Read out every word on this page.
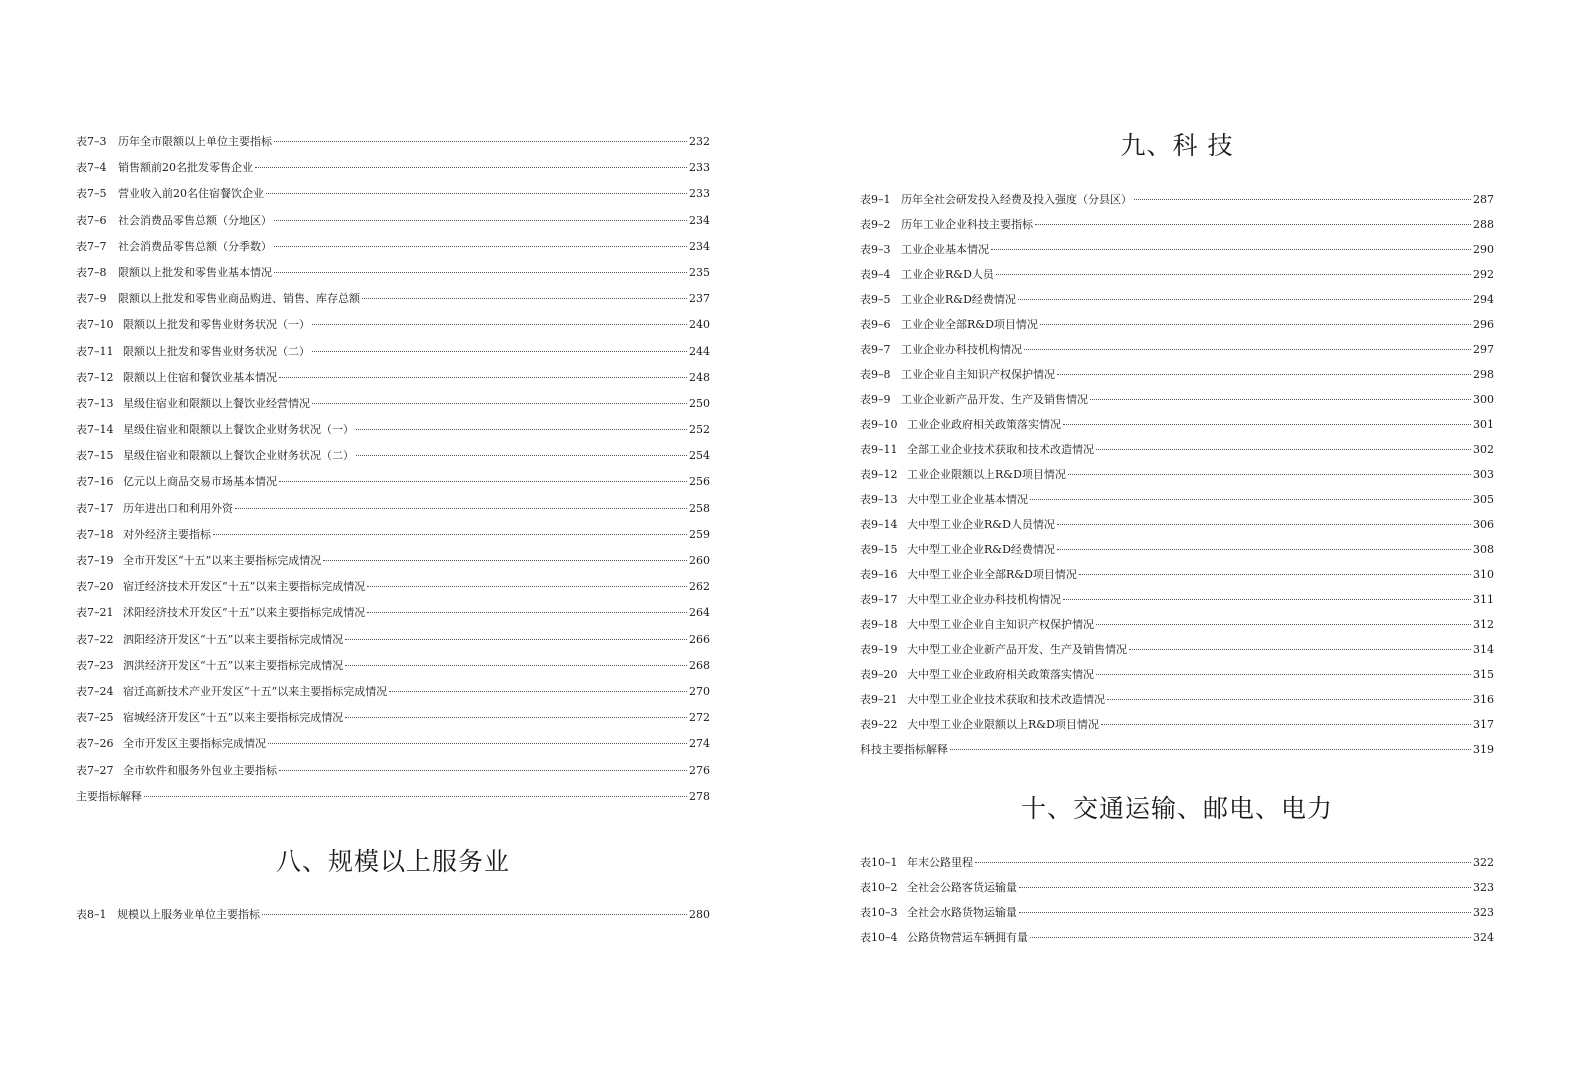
表7–3	历年全市限额以上单位主要指标	232
表7–4	销售额前20名批发零售企业	233
表7–5	营业收入前20名住宿餐饮企业	233
表7–6	社会消费品零售总额（分地区）	234
表7–7	社会消费品零售总额（分季数）	234
表7–8	限额以上批发和零售业基本情况	235
表7–9	限额以上批发和零售业商品购进、销售、库存总额	237
表7–10 限额以上批发和零售业财务状况（一）	240
表7–11 限额以上批发和零售业财务状况（二）	244
表7–12 限额以上住宿和餐饮业基本情况	248
表7–13 星级住宿业和限额以上餐饮业经营情况	250
表7–14 星级住宿业和限额以上餐饮企业财务状况（一）	252
表7–15 星级住宿业和限额以上餐饮企业财务状况（二）	254
表7–16 亿元以上商品交易市场基本情况	256
表7–17 历年进出口和利用外资	258
表7–18 对外经济主要指标	259
表7–19 全市开发区“十五”以来主要指标完成情况	260
表7–20 宿迁经济技术开发区“十五”以来主要指标完成情况	262
表7–21 沭阳经济技术开发区“十五”以来主要指标完成情况	264
表7–22 泗阳经济开发区“十五”以来主要指标完成情况	266
表7–23 泗洪经济开发区“十五”以来主要指标完成情况	268
表7–24 宿迁高新技术产业开发区“十五”以来主要指标完成情况	270
表7–25 宿城经济开发区“十五”以来主要指标完成情况	272
表7–26 全市开发区主要指标完成情况	274
表7–27 全市软件和服务外包业主要指标	276
主要指标解释	278
八、规模以上服务业
表8–1 规模以上服务业单位主要指标	280
九、科 技
表9–1 历年全社会研发投入经费及投入强度（分县区）	287
表9–2 历年工业企业科技主要指标	288
表9–3 工业企业基本情况	290
表9–4 工业企业R&D人员	292
表9–5 工业企业R&D经费情况	294
表9–6 工业企业全部R&D项目情况	296
表9–7 工业企业办科技机构情况	297
表9–8 工业企业自主知识产权保护情况	298
表9–9 工业企业新产品开发、生产及销售情况	300
表9–10 工业企业政府相关政策落实情况	301
表9–11 全部工业企业技术获取和技术改造情况	302
表9–12 工业企业限额以上R&D项目情况	303
表9–13 大中型工业企业基本情况	305
表9–14 大中型工业企业R&D人员情况	306
表9–15 大中型工业企业R&D经费情况	308
表9–16 大中型工业企业全部R&D项目情况	310
表9–17 大中型工业企业办科技机构情况	311
表9–18 大中型工业企业自主知识产权保护情况	312
表9–19 大中型工业企业新产品开发、生产及销售情况	314
表9–20 大中型工业企业政府相关政策落实情况	315
表9–21 大中型工业企业技术获取和技术改造情况	316
表9–22 大中型工业企业限额以上R&D项目情况	317
科技主要指标解释	319
十、交通运输、邮电、电力
表10–1 年末公路里程	322
表10–2 全社会公路客货运输量	323
表10–3 全社会水路货物运输量	323
表10–4 公路货物营运车辆拥有量	324
